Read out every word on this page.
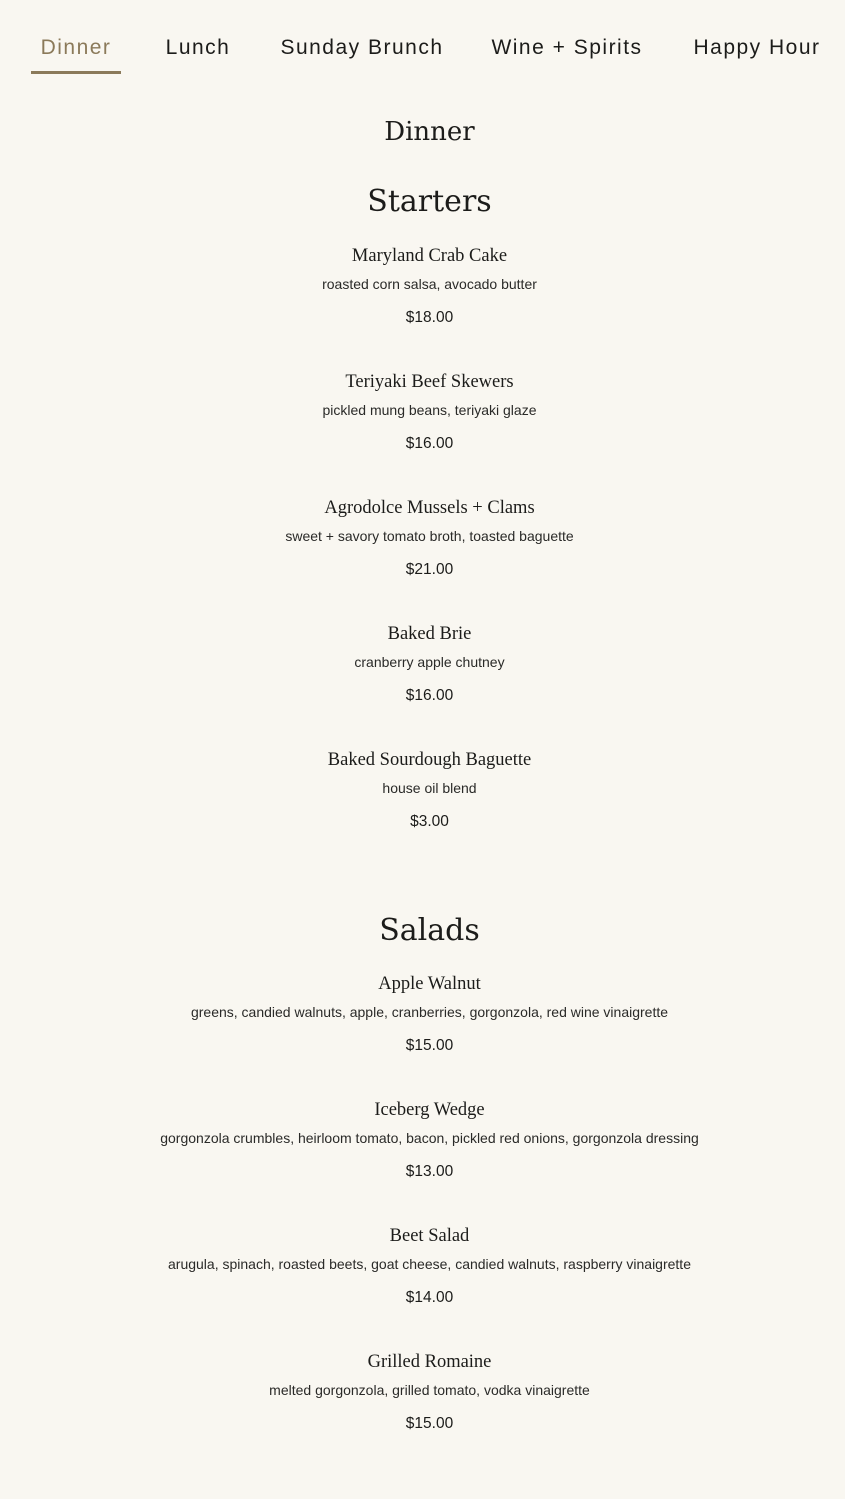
Dinner	Lunch	Sunday Brunch Wine + Spirits Happy Hour
Dinner
Starters
Maryland Crab Cake
roasted corn salsa, avocado butter
$18.00
Teriyaki Beef Skewers
pickled mung beans, teriyaki glaze
$16.00
Agrodolce Mussels + Clams
sweet + savory tomato broth, toasted baguette
$21.00
Baked Brie
cranberry apple chutney
$16.00
Baked Sourdough Baguette
house oil blend
$3.00
Salads
Apple Walnut
greens, candied walnuts, apple, cranberries, gorgonzola, red wine vinaigrette
$15.00
Iceberg Wedge
gorgonzola crumbles, heirloom tomato, bacon, pickled red onions, gorgonzola dressing
$13.00
Beet Salad
arugula, spinach, roasted beets, goat cheese, candied walnuts, raspberry vinaigrette
$14.00
Grilled Romaine
melted gorgonzola, grilled tomato, vodka vinaigrette
$15.00
